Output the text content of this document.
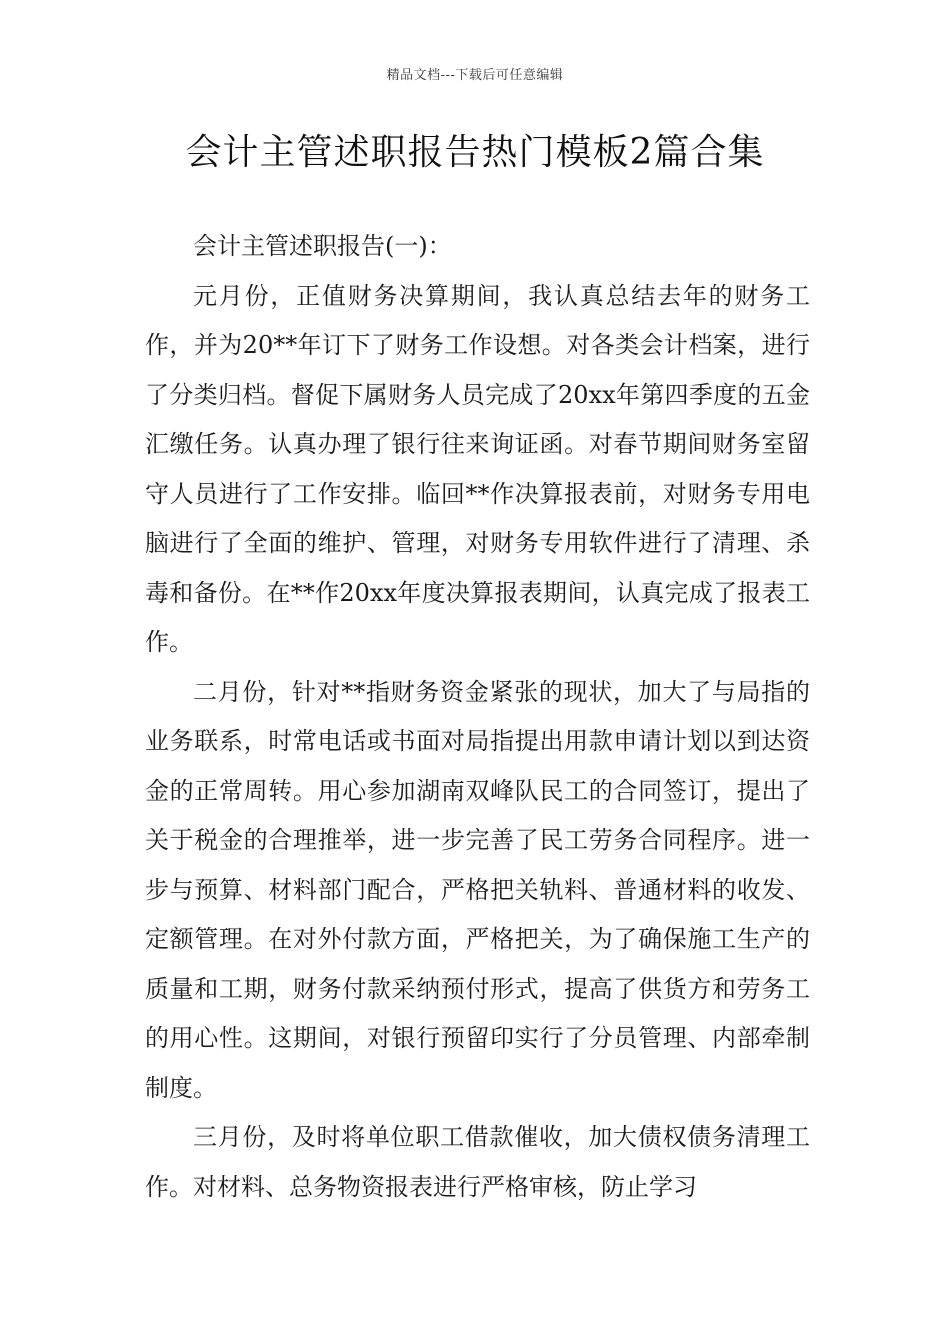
精品文档---下载后可任意编辑
会计主管述职报告热门模板2篇合集

会计主管述职报告(一)：

元月份，正值财务决算期间，我认真总结去年的财务工作，并为20**年订下了财务工作设想。对各类会计档案，进行了分类归档。督促下属财务人员完成了20xx年第四季度的五金汇缴任务。认真办理了银行往来询证函。对春节期间财务室留守人员进行了工作安排。临回**作决算报表前，对财务专用电脑进行了全面的维护、管理，对财务专用软件进行了清理、杀毒和备份。在**作20xx年度决算报表期间，认真完成了报表工作。

二月份，针对**指财务资金紧张的现状，加大了与局指的业务联系，时常电话或书面对局指提出用款申请计划以到达资金的正常周转。用心参加湖南双峰队民工的合同签订，提出了关于税金的合理推举，进一步完善了民工劳务合同程序。进一步与预算、材料部门配合，严格把关轨料、普通材料的收发、定额管理。在对外付款方面，严格把关，为了确保施工生产的质量和工期，财务付款采纳预付形式，提高了供货方和劳务工的用心性。这期间，对银行预留印实行了分员管理、内部牵制制度。

三月份，及时将单位职工借款催收，加大债权债务清理工作。对材料、总务物资报表进行严格审核，防止学习
